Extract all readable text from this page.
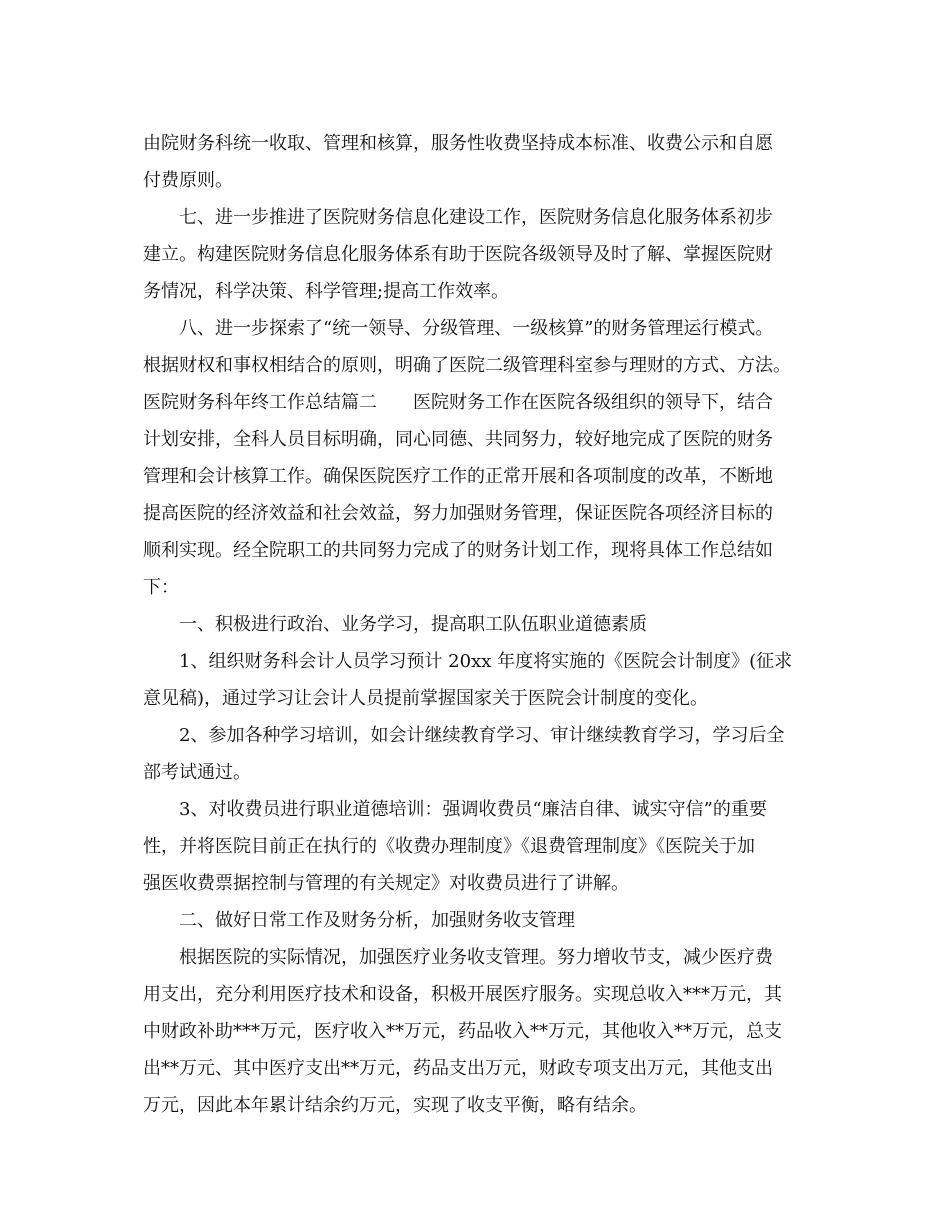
由院财务科统一收取、管理和核算，服务性收费坚持成本标准、收费公示和自愿
付费原则。
七、进一步推进了医院财务信息化建设工作，医院财务信息化服务体系初步
建立。构建医院财务信息化服务体系有助于医院各级领导及时了解、掌握医院财
务情况，科学决策、科学管理;提高工作效率。
八、进一步探索了“统一领导、分级管理、一级核算”的财务管理运行模式。
根据财权和事权相结合的原则，明确了医院二级管理科室参与理财的方式、方法。
医院财务科年终工作总结篇二　　医院财务工作在医院各级组织的领导下，结合
计划安排，全科人员目标明确，同心同德、共同努力，较好地完成了医院的财务
管理和会计核算工作。确保医院医疗工作的正常开展和各项制度的改革，不断地
提高医院的经济效益和社会效益，努力加强财务管理，保证医院各项经济目标的
顺利实现。经全院职工的共同努力完成了的财务计划工作，现将具体工作总结如
下：
一、积极进行政治、业务学习，提高职工队伍职业道德素质
1、组织财务科会计人员学习预计 20xx 年度将实施的《医院会计制度》(征求
意见稿)，通过学习让会计人员提前掌握国家关于医院会计制度的变化。
2、参加各种学习培训，如会计继续教育学习、审计继续教育学习，学习后全
部考试通过。
3、对收费员进行职业道德培训：强调收费员“廉洁自律、诚实守信”的重要
性，并将医院目前正在执行的《收费办理制度》《退费管理制度》《医院关于加
强医收费票据控制与管理的有关规定》对收费员进行了讲解。
二、做好日常工作及财务分析，加强财务收支管理
根据医院的实际情况，加强医疗业务收支管理。努力增收节支，减少医疗费
用支出，充分利用医疗技术和设备，积极开展医疗服务。实现总收入***万元，其
中财政补助***万元，医疗收入**万元，药品收入**万元，其他收入**万元，总支
出**万元、其中医疗支出**万元，药品支出万元，财政专项支出万元，其他支出
万元，因此本年累计结余约万元，实现了收支平衡，略有结余。
